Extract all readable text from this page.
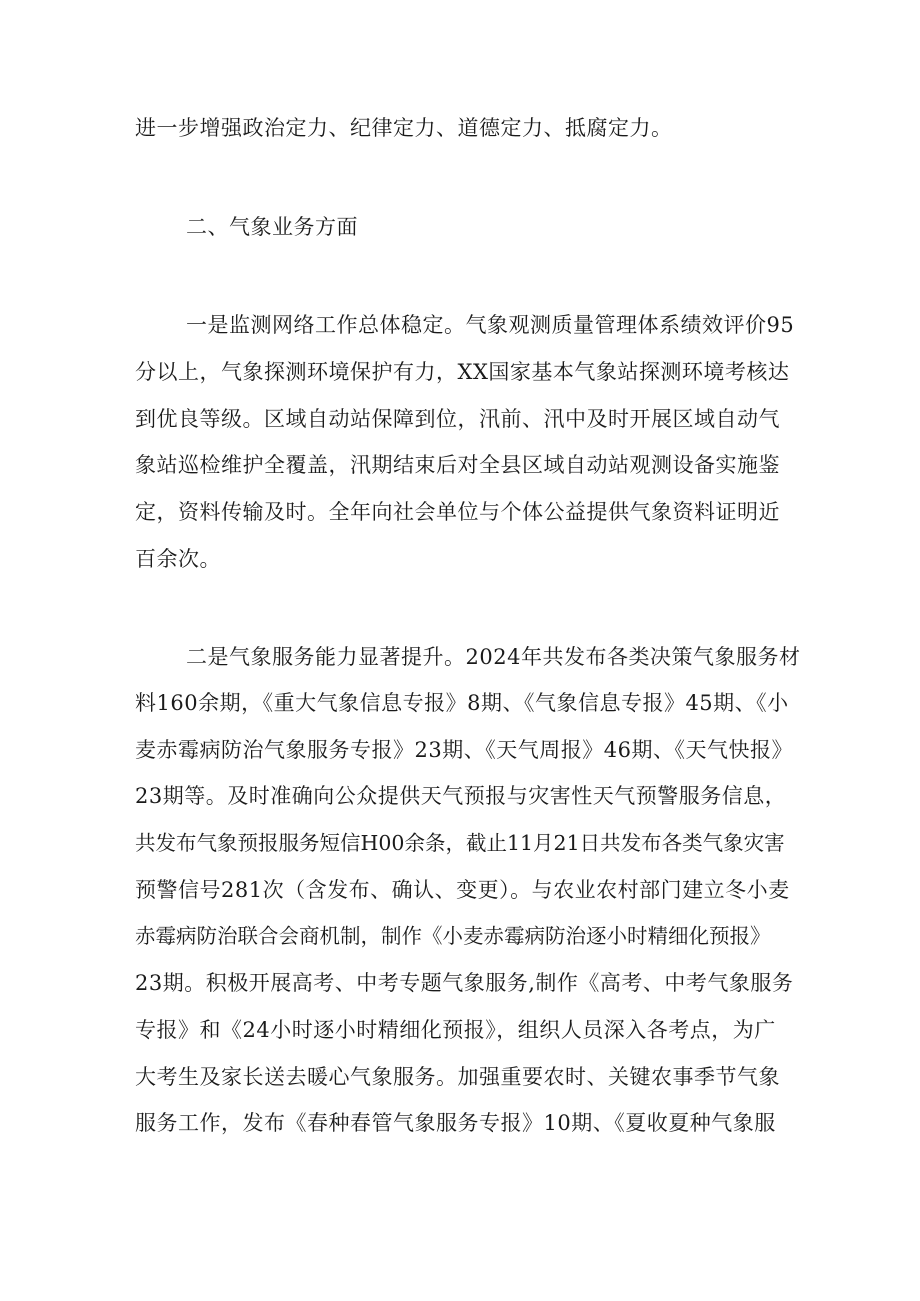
进一步增强政治定力、纪律定力、道德定力、抵腐定力。
二、气象业务方面
一是监测网络工作总体稳定。气象观测质量管理体系绩效评价95
分以上，气象探测环境保护有力，XX国家基本气象站探测环境考核达
到优良等级。区域自动站保障到位，汛前、汛中及时开展区域自动气
象站巡检维护全覆盖，汛期结束后对全县区域自动站观测设备实施鉴
定，资料传输及时。全年向社会单位与个体公益提供气象资料证明近
百余次。
二是气象服务能力显著提升。2024年共发布各类决策气象服务材
料160余期，《重大气象信息专报》8期、《气象信息专报》45期、《小
麦赤霉病防治气象服务专报》23期、《天气周报》46期、《天气快报》
23期等。及时准确向公众提供天气预报与灾害性天气预警服务信息，
共发布气象预报服务短信H00余条，截止11月21日共发布各类气象灾害
预警信号281次（含发布、确认、变更）。与农业农村部门建立冬小麦
赤霉病防治联合会商机制，制作《小麦赤霉病防治逐小时精细化预报》
23期。积极开展高考、中考专题气象服务,制作《高考、中考气象服务
专报》和《24小时逐小时精细化预报》，组织人员深入各考点，为广
大考生及家长送去暖心气象服务。加强重要农时、关键农事季节气象
服务工作，发布《春种春管气象服务专报》10期、《夏收夏种气象服
